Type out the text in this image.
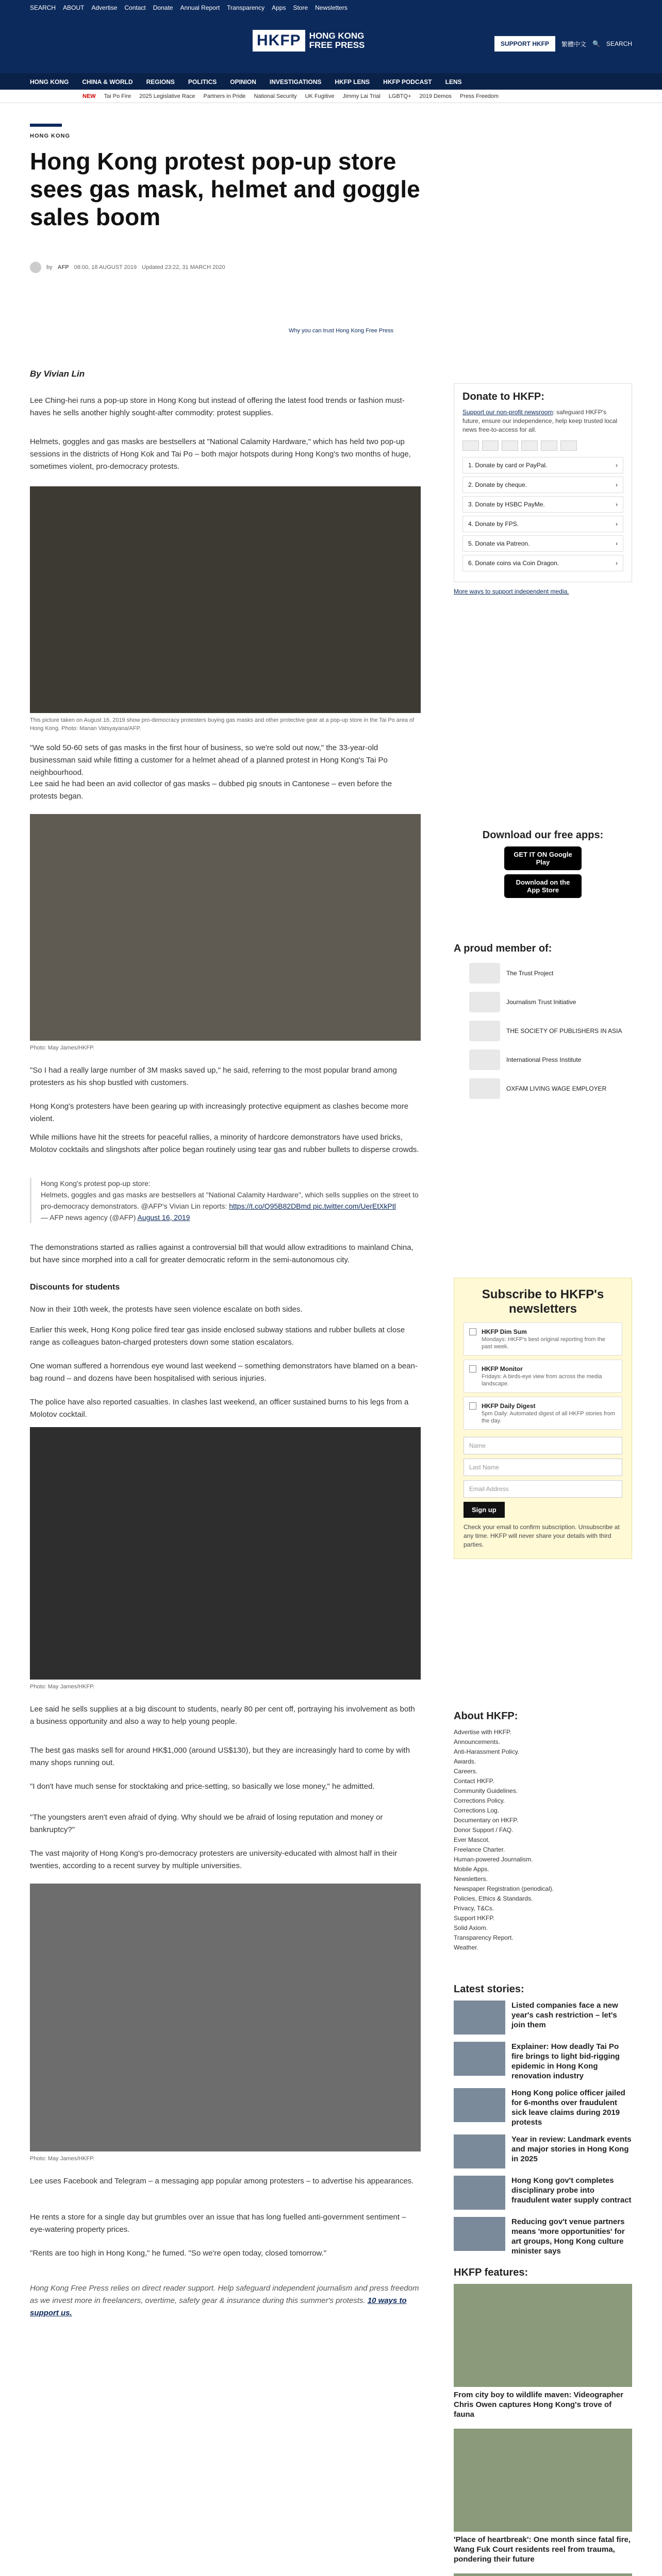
SEARCH ABOUT Advertise Contact Donate Annual Report Transparency Apps Store Newsletters
HKFP HONG KONG
FREE PRESS	SUPPORT HKFP	繁體中文 🔍 SEARCH
HONG KONG CHINA & WORLD REGIONS POLITICS OPINION INVESTIGATIONS HKFP LENS HKFP PODCAST LENS
NEW Tai Po Fire 2025 Legislative Race Partners in Pride National Security UK Fugitive Jimmy Lai Trial LGBTQ+ 2019 Demos Press Freedom
HONG KONG
Hong Kong protest pop-up store sees gas mask, helmet and goggle sales boom
by AFP 08:00, 18 AUGUST 2019 Updated 23:22, 31 MARCH 2020
Why you can trust Hong Kong Free Press
By Vivian Lin
Lee Ching-hei runs a pop-up store in Hong Kong but instead of offering the latest food trends or fashion must-haves he sells another highly sought-after commodity: protest supplies.
Helmets, goggles and gas masks are bestsellers at "National Calamity Hardware," which has held two pop-up sessions in the districts of Hong Kok and Tai Po – both major hotspots during Hong Kong's two months of huge, sometimes violent, pro-democracy protests.
This picture taken on August 16, 2019 show pro-democracy protesters buying gas masks and other protective gear at a pop-up store in the Tai Po area of Hong Kong. Photo: Manan Vatsyayana/AFP.
"We sold 50-60 sets of gas masks in the first hour of business, so we're sold out now," the 33-year-old businessman said while fitting a customer for a helmet ahead of a planned protest in Hong Kong's Tai Po neighbourhood.
Lee said he had been an avid collector of gas masks – dubbed pig snouts in Cantonese – even before the protests began.
Photo: May James/HKFP.
"So I had a really large number of 3M masks saved up," he said, referring to the most popular brand among protesters as his shop bustled with customers.
Hong Kong's protesters have been gearing up with increasingly protective equipment as clashes become more violent.
While millions have hit the streets for peaceful rallies, a minority of hardcore demonstrators have used bricks, Molotov cocktails and slingshots after police began routinely using tear gas and rubber bullets to disperse crowds.
Hong Kong's protest pop-up store:
Helmets, goggles and gas masks are bestsellers at "National Calamity Hardware", which sells supplies on the street to pro-democracy demonstrators. @AFP's Vivian Lin reports: https://t.co/Q95B82DBmd pic.twitter.com/UerEtXkPtl
— AFP news agency (@AFP) August 16, 2019
The demonstrations started as rallies against a controversial bill that would allow extraditions to mainland China, but have since morphed into a call for greater democratic reform in the semi-autonomous city.
Discounts for students
Now in their 10th week, the protests have seen violence escalate on both sides.
Earlier this week, Hong Kong police fired tear gas inside enclosed subway stations and rubber bullets at close range as colleagues baton-charged protesters down some station escalators.
One woman suffered a horrendous eye wound last weekend – something demonstrators have blamed on a bean-bag round – and dozens have been hospitalised with serious injuries.
The police have also reported casualties. In clashes last weekend, an officer sustained burns to his legs from a Molotov cocktail.
Photo: May James/HKFP.
Lee said he sells supplies at a big discount to students, nearly 80 per cent off, portraying his involvement as both a business opportunity and also a way to help young people.
The best gas masks sell for around HK$1,000 (around US$130), but they are increasingly hard to come by with many shops running out.
"I don't have much sense for stocktaking and price-setting, so basically we lose money," he admitted.
"The youngsters aren't even afraid of dying. Why should we be afraid of losing reputation and money or bankruptcy?"
The vast majority of Hong Kong's pro-democracy protesters are university-educated with almost half in their twenties, according to a recent survey by multiple universities.
Photo: May James/HKFP.
Lee uses Facebook and Telegram – a messaging app popular among protesters – to advertise his appearances.
He rents a store for a single day but grumbles over an issue that has long fuelled anti-government sentiment – eye-watering property prices.
"Rents are too high in Hong Kong," he fumed. "So we're open today, closed tomorrow."
Hong Kong Free Press relies on direct reader support. Help safeguard independent journalism and press freedom as we invest more in freelancers, overtime, safety gear & insurance during this summer's protests. 10 ways to support us.
Donate to HKFP:
Support our non-profit newsroom: safeguard HKFP's future, ensure our independence, help keep trusted local news free-to-access for all.
1. Donate by card or PayPal.	›
2. Donate by cheque.	›
3. Donate by HSBC PayMe.	›
4. Donate by FPS.	›
5. Donate via Patreon.	›
6. Donate coins via Coin Dragon.	›
More ways to support independent media.
Download our free apps:
GET IT ON Google Play
Download on the App Store
A proud member of:
The Trust Project
Journalism Trust Initiative
THE SOCIETY OF PUBLISHERS IN ASIA
International Press Institute
OXFAM LIVING WAGE EMPLOYER
Subscribe to HKFP's newsletters
HKFP Dim Sum
Mondays: HKFP's best original reporting from the past week.
HKFP Monitor
Fridays: A birds-eye view from across the media landscape.
HKFP Daily Digest
5pm Daily: Automated digest of all HKFP stories from the day.
Name
Last Name
Email Address
Sign up
Check your email to confirm subscription. Unsubscribe at any time. HKFP will never share your details with third parties.
About HKFP:
Advertise with HKFP.
Announcements.
Anti-Harassment Policy.
Awards.
Careers.
Contact HKFP.
Community Guidelines.
Corrections Policy.
Corrections Log.
Documentary on HKFP.
Donor Support / FAQ.
Ever Mascot.
Freelance Charter.
Human-powered Journalism.
Mobile Apps.
Newsletters.
Newspaper Registration (periodical).
Policies, Ethics & Standards.
Privacy, T&Cs.
Support HKFP.
Solid Axiom.
Transparency Report.
Weather.
Latest stories:
Listed companies face a new year's cash restriction – let's join them
Explainer: How deadly Tai Po fire brings to light bid-rigging epidemic in Hong Kong renovation industry
Hong Kong police officer jailed for 6-months over fraudulent sick leave claims during 2019 protests
Year in review: Landmark events and major stories in Hong Kong in 2025
Hong Kong gov't completes disciplinary probe into fraudulent water supply contract
Reducing gov't venue partners means 'more opportunities' for art groups, Hong Kong culture minister says
HKFP features:
From city boy to wildlife maven: Videographer Chris Owen captures Hong Kong's trove of fauna
'Place of heartbreak': One month since fatal fire, Wang Fuk Court residents reel from trauma, pondering their future
